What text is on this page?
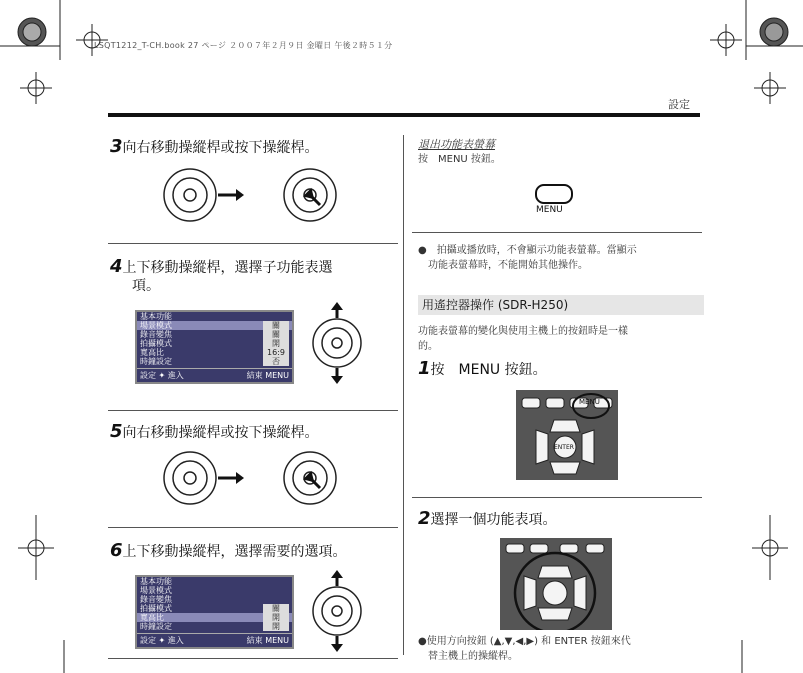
LSQT1212_T-CH.book 27 ページ ２００７年２月９日 金曜日 午後２時５１分
設定
3向右移動操縱桿或按下操縱桿。
4上下移動操縱桿，選擇子功能表選
項。
基本功能
場景模式	關
錄音變焦	關
拍攝模式	開
寬高比	16:9
時鐘設定	否
設定 ✦ 進入	結束 MENU
5向右移動操縱桿或按下操縱桿。
6上下移動操縱桿，選擇需要的選項。
基本功能
場景模式
錄音變焦
拍攝模式	關
寬高比	開
時鐘設定	開
設定 ✦ 進入	結束 MENU
退出功能表螢幕
按　MENU 按鈕。
MENU
●　拍攝或播放時，不會顯示功能表螢幕。當顯示
　功能表螢幕時，不能開始其他操作。
用遙控器操作 (SDR-H250)
功能表螢幕的變化與使用主機上的按鈕時是一樣
的。
1按　MENU 按鈕。
MENU
ENTER
2選擇一個功能表項。
●使用方向按鈕 (▲,▼,◀,▶) 和 ENTER 按鈕來代
　替主機上的操縱桿。
